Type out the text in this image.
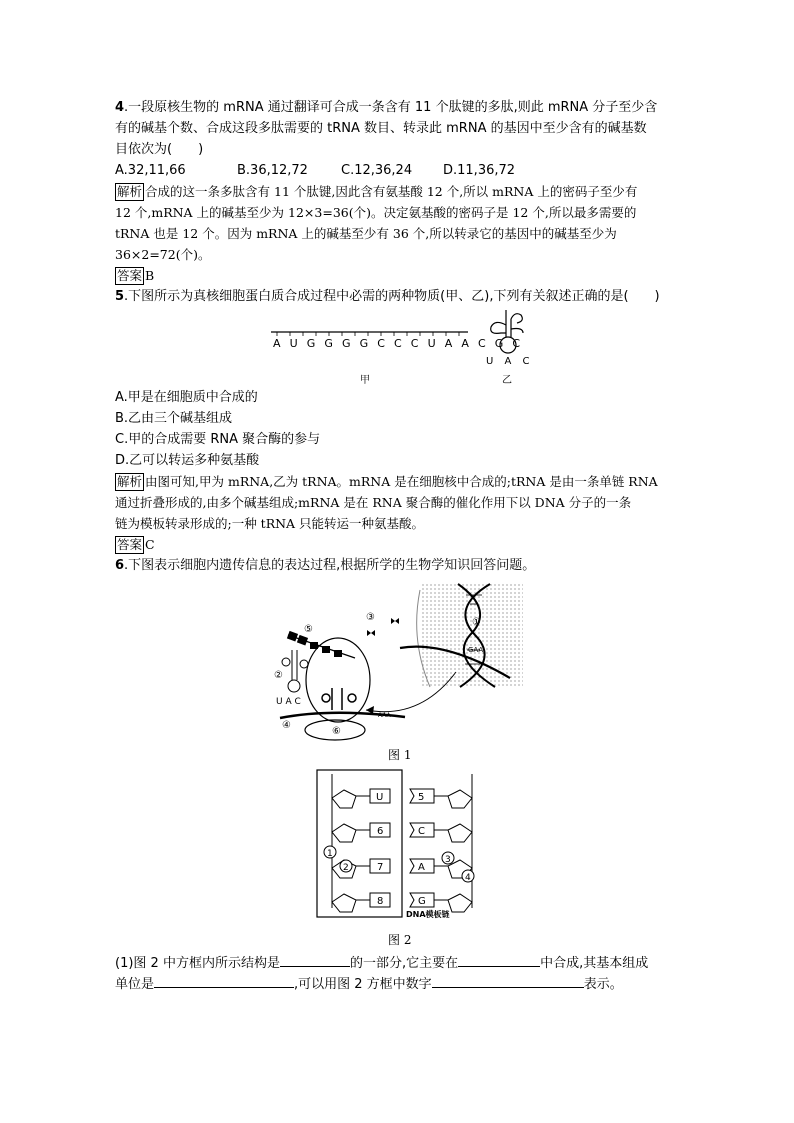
4.一段原核生物的 mRNA 通过翻译可合成一条含有 11 个肽键的多肽,则此 mRNA 分子至少含
有的碱基个数、合成这段多肽需要的 tRNA 数目、转录此 mRNA 的基因中至少含有的碱基数
目依次为(　　)
A.32,11,66	B.36,12,72	C.12,36,24 D.11,36,72
解析 合成的这一条多肽含有 11 个肽键,因此含有氨基酸 12 个,所以 mRNA 上的密码子至少有
12 个,mRNA 上的碱基至少为 12×3=36(个)。决定氨基酸的密码子是 12 个,所以最多需要的
tRNA 也是 12 个。因为 mRNA 上的碱基至少有 36 个,所以转录它的基因中的碱基至少为
36×2=72(个)。
答案 B
5.下图所示为真核细胞蛋白质合成过程中必需的两种物质(甲、乙),下列有关叙述正确的是(　　)
A U G G G G C C C U A A C G C
U A C
甲	乙
A.甲是在细胞质中合成的
B.乙由三个碱基组成
C.甲的合成需要 RNA 聚合酶的参与
D.乙可以转运多种氨基酸
解析 由图可知,甲为 mRNA,乙为 tRNA。mRNA 是在细胞核中合成的;tRNA 是由一条单链 RNA
通过折叠形成的,由多个碱基组成;mRNA 是在 RNA 聚合酶的催化作用下以 DNA 分子的一条
链为模板转录形成的;一种 tRNA 只能转运一种氨基酸。
答案 C
6.下图表示细胞内遗传信息的表达过程,根据所学的生物学知识回答问题。
GAA
①
③
AAA
⑤
②
U A C
④
⑥
图 1
1
2
U
6
7
8
5
C
A
G
3
4
DNA模板链
图 2
(1)图 2 中方框内所示结构是	的一部分,它主要在	中合成,其基本组成
单位是	,可以用图 2 方框中数字	表示。
